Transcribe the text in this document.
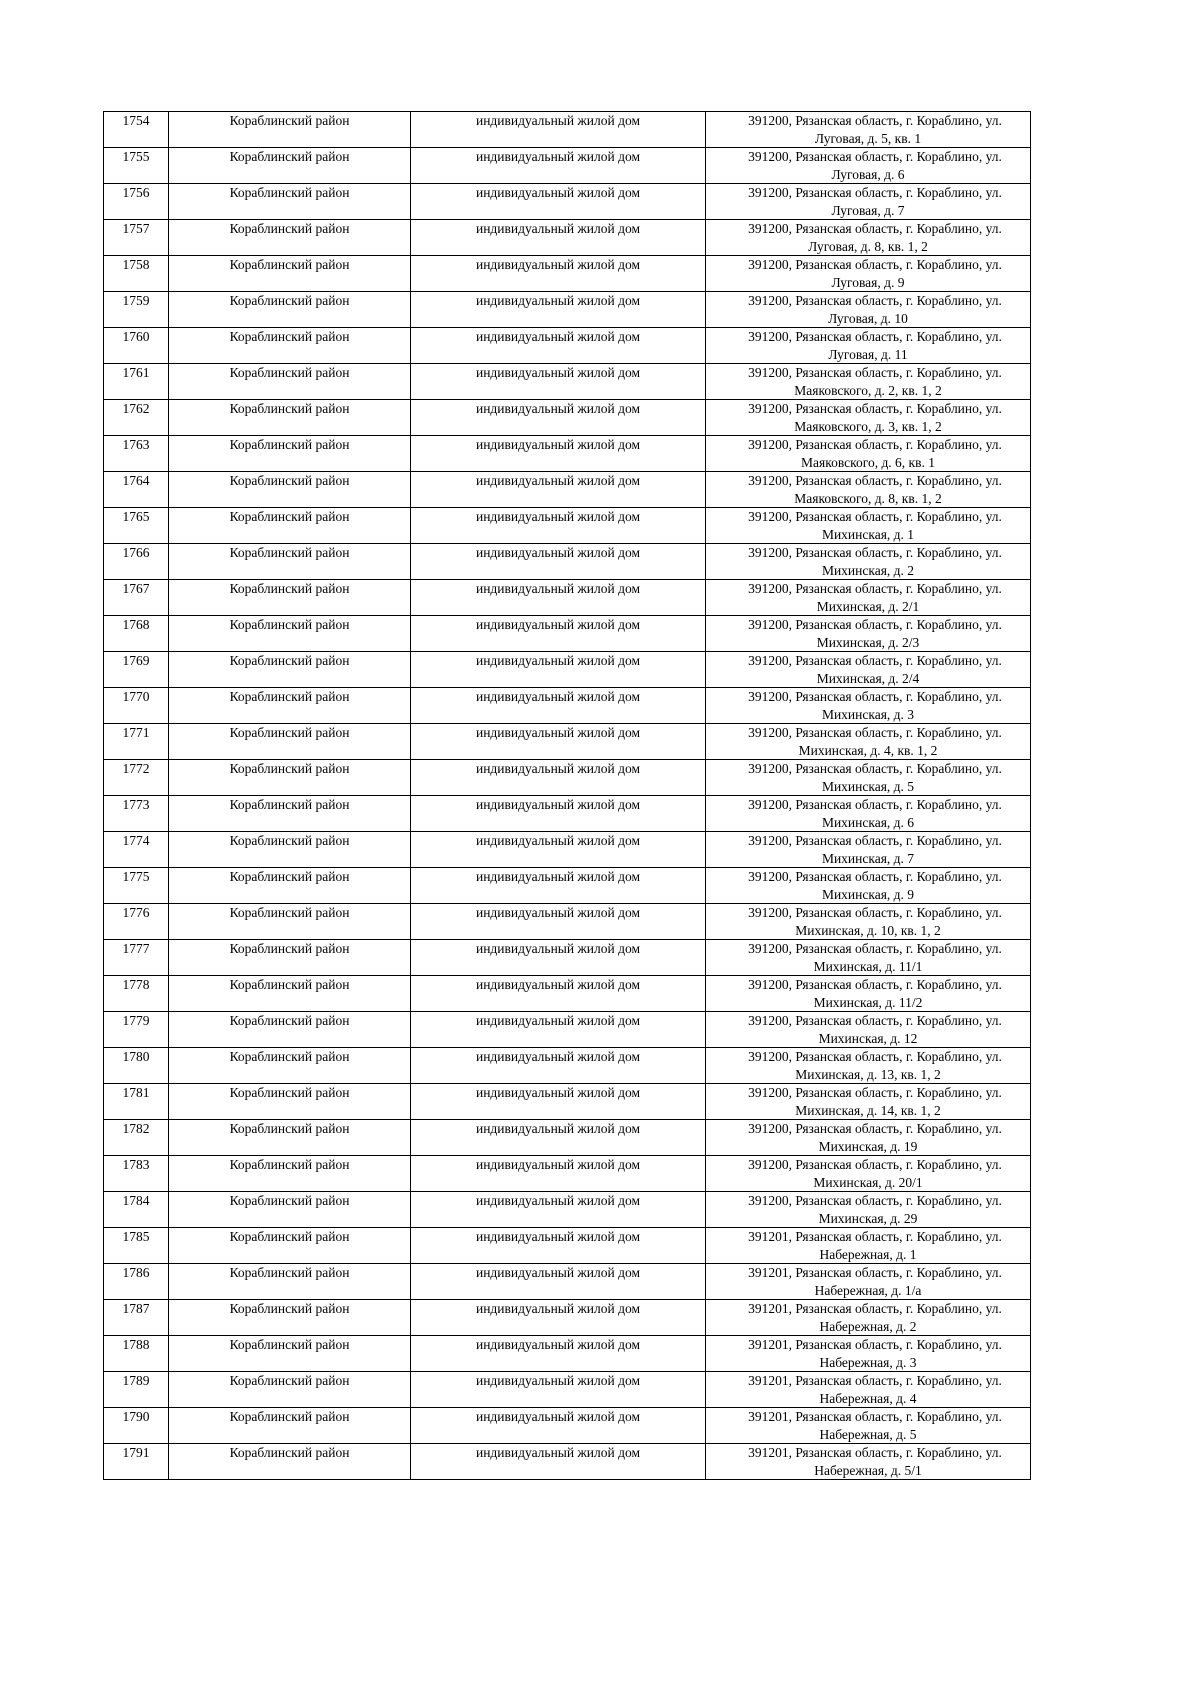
1754	Кораблинский район	индивидуальный жилой дом	391200, Рязанская область, г. Кораблино, ул.
Луговая, д. 5, кв. 1

1755	Кораблинский район	индивидуальный жилой дом	391200, Рязанская область, г. Кораблино, ул.
Луговая, д. 6

1756	Кораблинский район	индивидуальный жилой дом	391200, Рязанская область, г. Кораблино, ул.
Луговая, д. 7

1757	Кораблинский район	индивидуальный жилой дом	391200, Рязанская область, г. Кораблино, ул.
Луговая, д. 8, кв. 1, 2

1758	Кораблинский район	индивидуальный жилой дом	391200, Рязанская область, г. Кораблино, ул.
Луговая, д. 9

1759	Кораблинский район	индивидуальный жилой дом	391200, Рязанская область, г. Кораблино, ул.
Луговая, д. 10

1760	Кораблинский район	индивидуальный жилой дом	391200, Рязанская область, г. Кораблино, ул.
Луговая, д. 11

1761	Кораблинский район	индивидуальный жилой дом	391200, Рязанская область, г. Кораблино, ул.
Маяковского, д. 2, кв. 1, 2

1762	Кораблинский район	индивидуальный жилой дом	391200, Рязанская область, г. Кораблино, ул.
Маяковского, д. 3, кв. 1, 2

1763	Кораблинский район	индивидуальный жилой дом	391200, Рязанская область, г. Кораблино, ул.
Маяковского, д. 6, кв. 1

1764	Кораблинский район	индивидуальный жилой дом	391200, Рязанская область, г. Кораблино, ул.
Маяковского, д. 8, кв. 1, 2

1765	Кораблинский район	индивидуальный жилой дом	391200, Рязанская область, г. Кораблино, ул.
Михинская, д. 1

1766	Кораблинский район	индивидуальный жилой дом	391200, Рязанская область, г. Кораблино, ул.
Михинская, д. 2

1767	Кораблинский район	индивидуальный жилой дом	391200, Рязанская область, г. Кораблино, ул.
Михинская, д. 2/1

1768	Кораблинский район	индивидуальный жилой дом	391200, Рязанская область, г. Кораблино, ул.
Михинская, д. 2/3

1769	Кораблинский район	индивидуальный жилой дом	391200, Рязанская область, г. Кораблино, ул.
Михинская, д. 2/4

1770	Кораблинский район	индивидуальный жилой дом	391200, Рязанская область, г. Кораблино, ул.
Михинская, д. 3

1771	Кораблинский район	индивидуальный жилой дом	391200, Рязанская область, г. Кораблино, ул.
Михинская, д. 4, кв. 1, 2

1772	Кораблинский район	индивидуальный жилой дом	391200, Рязанская область, г. Кораблино, ул.
Михинская, д. 5

1773	Кораблинский район	индивидуальный жилой дом	391200, Рязанская область, г. Кораблино, ул.
Михинская, д. 6

1774	Кораблинский район	индивидуальный жилой дом	391200, Рязанская область, г. Кораблино, ул.
Михинская, д. 7

1775	Кораблинский район	индивидуальный жилой дом	391200, Рязанская область, г. Кораблино, ул.
Михинская, д. 9

1776	Кораблинский район	индивидуальный жилой дом	391200, Рязанская область, г. Кораблино, ул.
Михинская, д. 10, кв. 1, 2

1777	Кораблинский район	индивидуальный жилой дом	391200, Рязанская область, г. Кораблино, ул.
Михинская, д. 11/1

1778	Кораблинский район	индивидуальный жилой дом	391200, Рязанская область, г. Кораблино, ул.
Михинская, д. 11/2

1779	Кораблинский район	индивидуальный жилой дом	391200, Рязанская область, г. Кораблино, ул.
Михинская, д. 12

1780	Кораблинский район	индивидуальный жилой дом	391200, Рязанская область, г. Кораблино, ул.
Михинская, д. 13, кв. 1, 2

1781	Кораблинский район	индивидуальный жилой дом	391200, Рязанская область, г. Кораблино, ул.
Михинская, д. 14, кв. 1, 2

1782	Кораблинский район	индивидуальный жилой дом	391200, Рязанская область, г. Кораблино, ул.
Михинская, д. 19

1783	Кораблинский район	индивидуальный жилой дом	391200, Рязанская область, г. Кораблино, ул.
Михинская, д. 20/1

1784	Кораблинский район	индивидуальный жилой дом	391200, Рязанская область, г. Кораблино, ул.
Михинская, д. 29

1785	Кораблинский район	индивидуальный жилой дом	391201, Рязанская область, г. Кораблино, ул.
Набережная, д. 1

1786	Кораблинский район	индивидуальный жилой дом	391201, Рязанская область, г. Кораблино, ул.
Набережная, д. 1/а

1787	Кораблинский район	индивидуальный жилой дом	391201, Рязанская область, г. Кораблино, ул.
Набережная, д. 2

1788	Кораблинский район	индивидуальный жилой дом	391201, Рязанская область, г. Кораблино, ул.
Набережная, д. 3

1789	Кораблинский район	индивидуальный жилой дом	391201, Рязанская область, г. Кораблино, ул.
Набережная, д. 4

1790	Кораблинский район	индивидуальный жилой дом	391201, Рязанская область, г. Кораблино, ул.
Набережная, д. 5

1791	Кораблинский район	индивидуальный жилой дом	391201, Рязанская область, г. Кораблино, ул.
Набережная, д. 5/1
